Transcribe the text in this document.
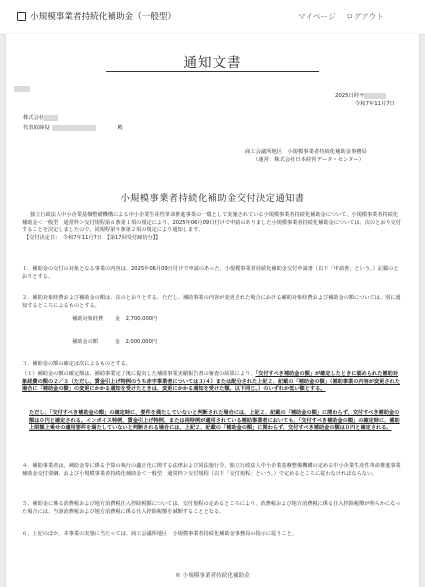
小規模事業者持続化補助金（一般型）	マイページ ログアウト
通知文書
2025日経サ
令和7年11月7日
株式会社
代表取締役	殿
商工会議所地区　小規模事業者持続化補助金事務局
（運営：株式会社日本経営データ・センター）
小規模事業者持続化補助金交付決定通知書

独立行政法人中小企業基盤整備機構による中小企業生産性革命推進事業の一環として実施されている小規模事業者持続化補助金について、小規模事業者持続化補助金＜一般型　通常枠＞交付規程第６条第１項の規定により、2025年06月09日付けで申請のありました小規模事業者持続化補助金については、次のとおり交付することを決定しましたので、同規程第９条第２項の規定により通知します。

【交付決定日：　令和7年11月7日　【第17回受付締切分】】

１．補助金の交付の対象となる事業の内容は、2025年06月09日付けで申請のあった、小規模事業者持続化補助金交付申請書（以下「申請書」という。）記載のとおりとする。
２．補助対象経費および補助金の額は、次のとおりとする。ただし、補助事業の内容が変更された場合における補助対象経費および補助金の額については、別に通知するところによるものとする。
補助対象経費 金 2,700,000円
補助金の額	金 2,000,000円
３．補助金の額の確定は次によるものとする。
（１）補助金の額の確定額は、補助事業完了後に提出した補助事業実績報告書の審査の結果により、「交付すべき補助金の額」が確定したときに認められた補助対象経費の額の２／３（ただし、賃金引上げ特例のうち赤字事業者については３/４）または配分された上記２、記載の「補助金の額」（補助事業の内容が変更された場合に「補助金の額」の変更にかかる通知を受けたときは、変更にかかる通知を受けた額。以下同じ。）のいずれか低い額とする。
ただし、「交付すべき補助金の額」の確定時に、要件を満たしていないと判断された場合には、上記２、記載の「補助金の額」に関わらず、交付すべき補助金の額は０円と確定される。インボイス特例、賃金引上げ特例、または両特例が適用されている補助事業者においても、「交付すべき補助金の額」の確定時に、補助上限額上乗せの適用要件を満たしていないと判断される場合には、上記２、記載の「補助金の額」に関わらず、交付すべき補助金の額は０円と確定される。
４、補助事業者は、補助金等に係る予算の執行の適正化に関する法律および同法施行令、独立行政法人中小企業基盤整備機構の定める中小企業生産性革命推進事業補助金交付要綱、および小規模事業者持続化補助金＜一般型　通常枠＞交付規程（以下「交付規程」という。）で定めるところに従わなければならない。
５、補助金に係る消費税および地方消費税仕入控除税額については、交付規程の定めるところにより、消費税および地方消費税に係る仕入控除税額が明らかになった場合には、当該消費税および地方消費税に係る仕入控除税額を減額することとなる。
６、上記のほか、本事業の実施に当たっては、商工会議所地区　小規模事業者持続化補助金事務局の指示に従うこと。
© 小規模事業者持続化補助金
